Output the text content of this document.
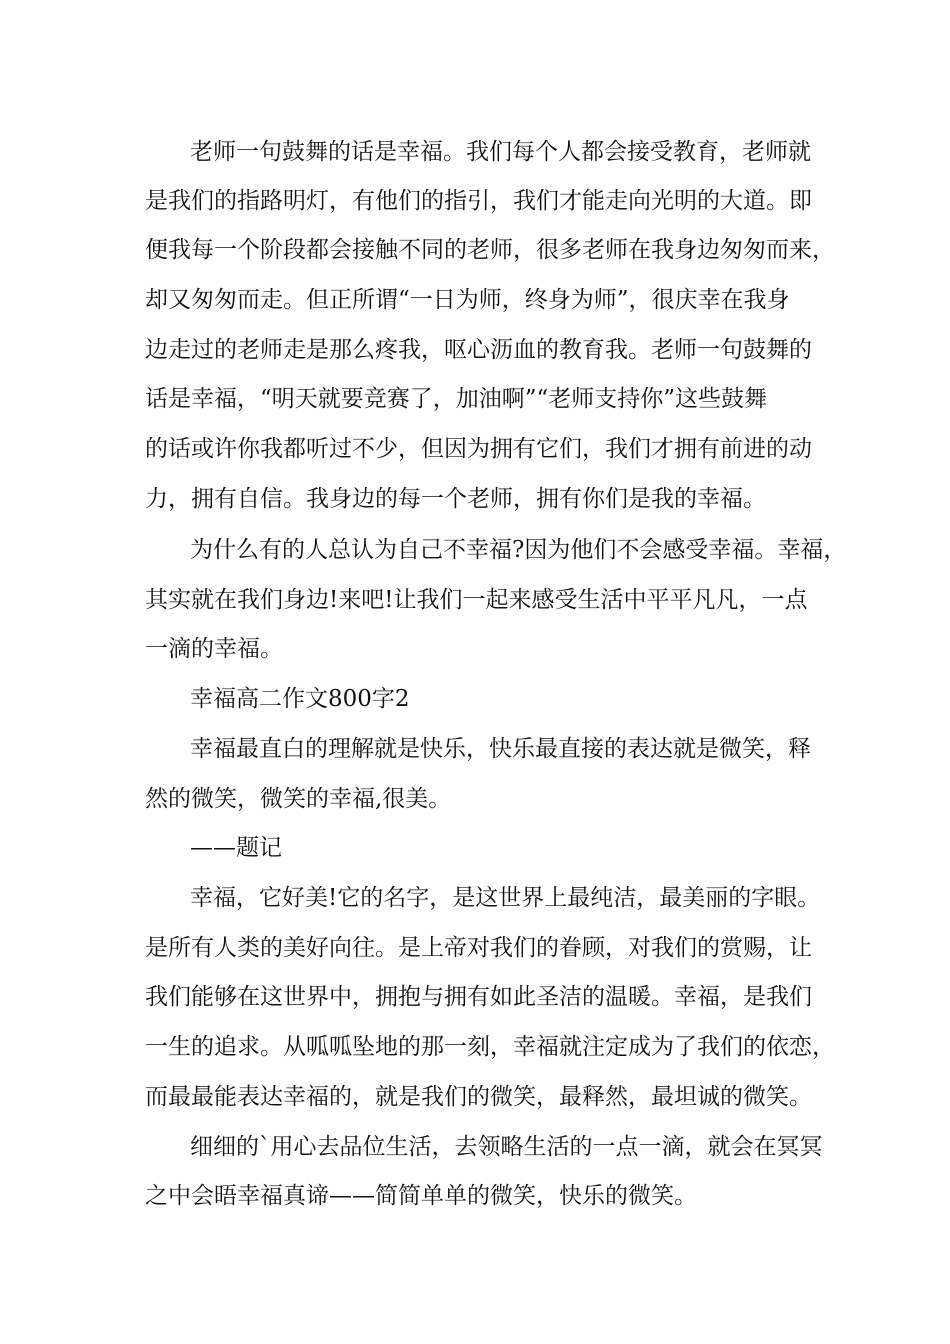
老师一句鼓舞的话是幸福。我们每个人都会接受教育，老师就
是我们的指路明灯，有他们的指引，我们才能走向光明的大道。即
便我每一个阶段都会接触不同的老师，很多老师在我身边匆匆而来，
却又匆匆而走。但正所谓“一日为师，终身为师”，很庆幸在我身
边走过的老师走是那么疼我，呕心沥血的教育我。老师一句鼓舞的
话是幸福，“明天就要竞赛了，加油啊”“老师支持你”这些鼓舞
的话或许你我都听过不少，但因为拥有它们，我们才拥有前进的动
力，拥有自信。我身边的每一个老师，拥有你们是我的幸福。
为什么有的人总认为自己不幸福?因为他们不会感受幸福。幸福，
其实就在我们身边!来吧!让我们一起来感受生活中平平凡凡，一点
一滴的幸福。
幸福高二作文800字2
幸福最直白的理解就是快乐，快乐最直接的表达就是微笑，释
然的微笑，微笑的幸福,很美。
——题记
幸福，它好美!它的名字，是这世界上最纯洁，最美丽的字眼。
是所有人类的美好向往。是上帝对我们的眷顾，对我们的赏赐，让
我们能够在这世界中，拥抱与拥有如此圣洁的温暖。幸福，是我们
一生的追求。从呱呱坠地的那一刻，幸福就注定成为了我们的依恋，
而最最能表达幸福的，就是我们的微笑，最释然，最坦诚的微笑。
细细的`用心去品位生活，去领略生活的一点一滴，就会在冥冥
之中会晤幸福真谛——简简单单的微笑，快乐的微笑。
